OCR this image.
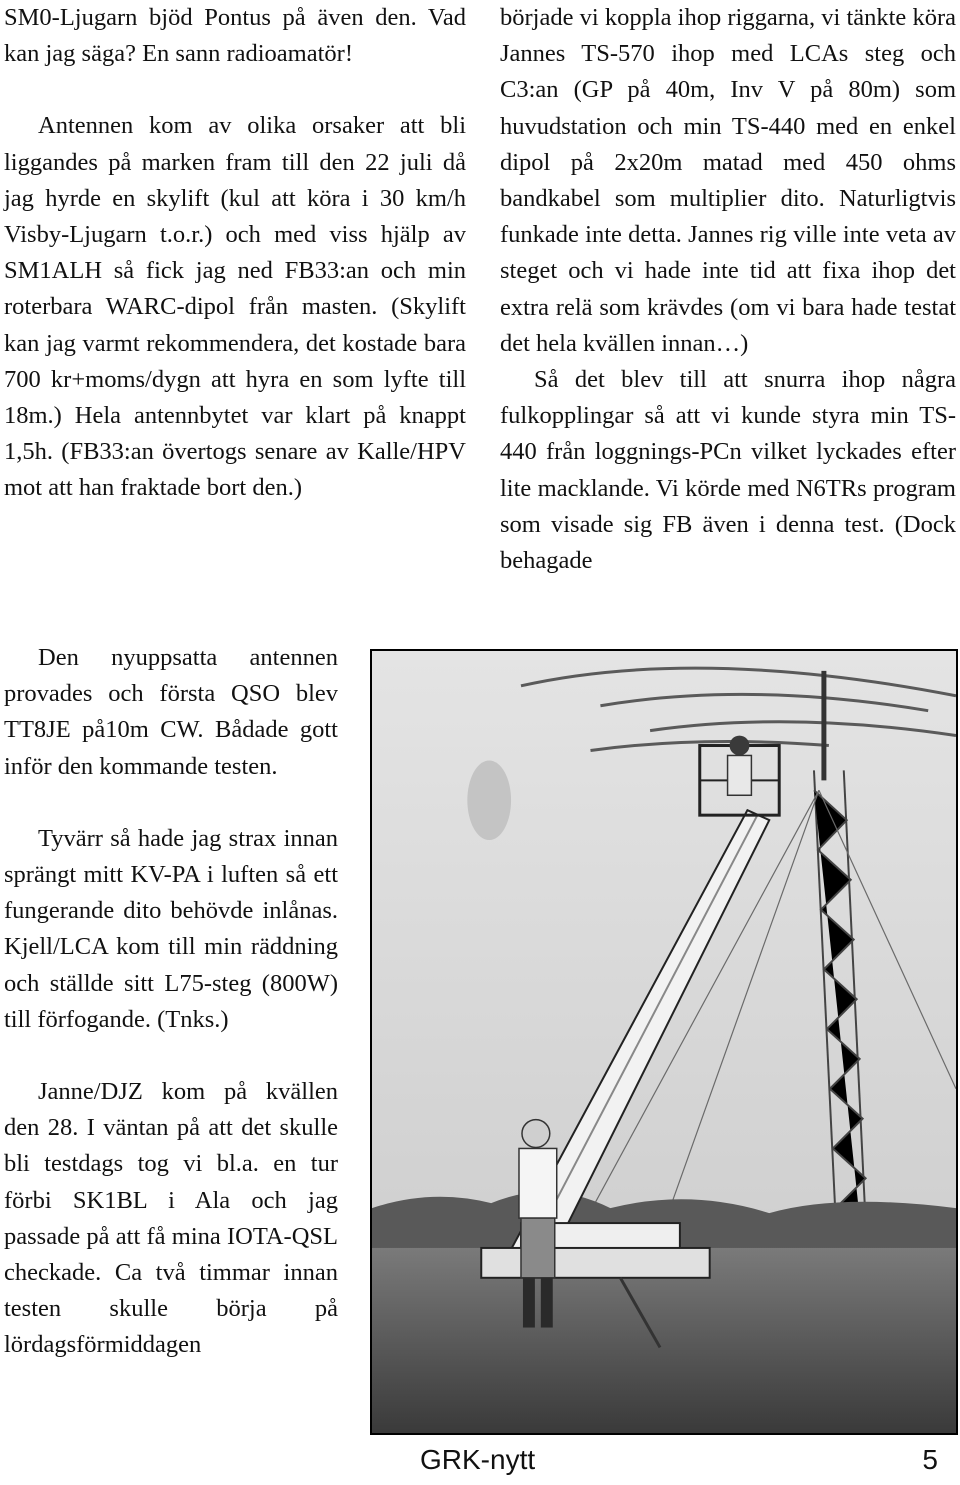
SM0-Ljugarn bjöd Pontus på även den. Vad kan jag säga? En sann radioamatör!

Antennen kom av olika orsaker att bli liggandes på marken fram till den 22 juli då jag hyrde en skylift (kul att köra i 30 km/h Visby-Ljugarn t.o.r.) och med viss hjälp av SM1ALH så fick jag ned FB33:an och min roterbara WARC-dipol från masten. (Skylift kan jag varmt rekommendera, det kostade bara 700 kr+moms/dygn att hyra en som lyfte till 18m.) Hela antennbytet var klart på knappt 1,5h. (FB33:an övertogs senare av Kalle/HPV mot att han fraktade bort den.)

började vi koppla ihop riggarna, vi tänkte köra Jannes TS-570 ihop med LCAs steg och C3:an (GP på 40m, Inv V på 80m) som huvudstation och min TS-440 med en enkel dipol på 2x20m matad med 450 ohms bandkabel som multiplier dito. Naturligtvis funkade inte detta. Jannes rig ville inte veta av steget och vi hade inte tid att fixa ihop det extra relä som krävdes (om vi bara hade testat det hela kvällen innan…)

Så det blev till att snurra ihop några fulkopplingar så att vi kunde styra min TS-440 från loggnings-PCn vilket lyckades efter lite macklande. Vi körde med N6TRs program som visade sig FB även i denna test. (Dock behagade

Den nyuppsatta antennen provades och första QSO blev TT8JE på10m CW. Bådade gott inför den kommande testen.

Tyvärr så hade jag strax innan sprängt mitt KV-PA i luften så ett fungerande dito behövde inlånas. Kjell/LCA kom till min räddning och ställde sitt L75-steg (800W) till förfogande. (Tnks.)

Janne/DJZ kom på kvällen den 28. I väntan på att det skulle bli testdags tog vi bl.a. en tur förbi SK1BL i Ala och jag passade på att få mina IOTA-QSL checkade. Ca två timmar innan testen skulle börja på lördagsförmiddagen

GRK-nytt	5
